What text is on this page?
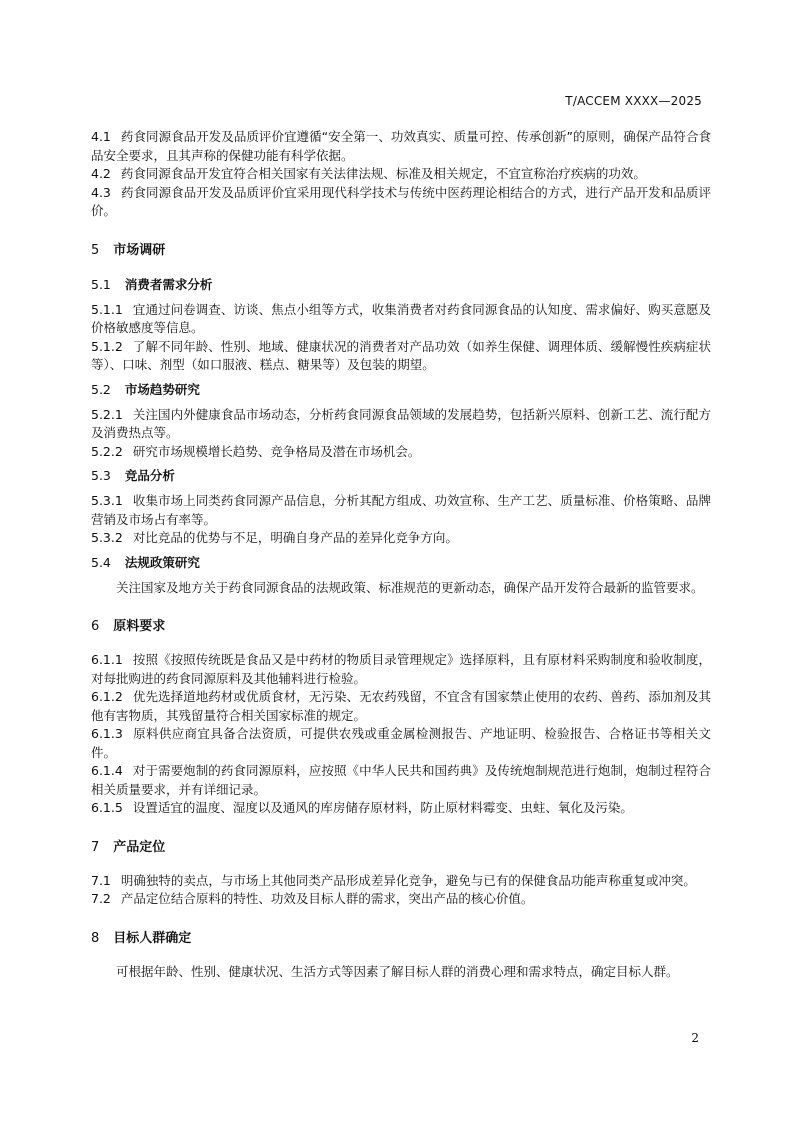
T/ACCEM XXXX—2025
4.1 药食同源食品开发及品质评价宜遵循“安全第一、功效真实、质量可控、传承创新”的原则，确保产品符合食品安全要求，且其声称的保健功能有科学依据。
4.2 药食同源食品开发宜符合相关国家有关法律法规、标准及相关规定，不宜宣称治疗疾病的功效。
4.3 药食同源食品开发及品质评价宜采用现代科学技术与传统中医药理论相结合的方式，进行产品开发和品质评价。
5 市场调研
5.1 消费者需求分析
5.1.1 宜通过问卷调查、访谈、焦点小组等方式，收集消费者对药食同源食品的认知度、需求偏好、购买意愿及价格敏感度等信息。
5.1.2 了解不同年龄、性别、地域、健康状况的消费者对产品功效（如养生保健、调理体质、缓解慢性疾病症状等）、口味、剂型（如口服液、糕点、糖果等）及包装的期望。
5.2 市场趋势研究
5.2.1 关注国内外健康食品市场动态，分析药食同源食品领域的发展趋势，包括新兴原料、创新工艺、流行配方及消费热点等。
5.2.2 研究市场规模增长趋势、竞争格局及潜在市场机会。
5.3 竞品分析
5.3.1 收集市场上同类药食同源产品信息，分析其配方组成、功效宣称、生产工艺、质量标准、价格策略、品牌营销及市场占有率等。
5.3.2 对比竞品的优势与不足，明确自身产品的差异化竞争方向。
5.4 法规政策研究
关注国家及地方关于药食同源食品的法规政策、标准规范的更新动态，确保产品开发符合最新的监管要求。
6 原料要求
6.1.1 按照《按照传统既是食品又是中药材的物质目录管理规定》选择原料，且有原材料采购制度和验收制度，对每批购进的药食同源原料及其他辅料进行检验。
6.1.2 优先选择道地药材或优质食材，无污染、无农药残留，不宜含有国家禁止使用的农药、兽药、添加剂及其他有害物质，其残留量符合相关国家标准的规定。
6.1.3 原料供应商宜具备合法资质，可提供农残或重金属检测报告、产地证明、检验报告、合格证书等相关文件。
6.1.4 对于需要炮制的药食同源原料，应按照《中华人民共和国药典》及传统炮制规范进行炮制，炮制过程符合相关质量要求，并有详细记录。
6.1.5 设置适宜的温度、湿度以及通风的库房储存原材料，防止原材料霉变、虫蛀、氧化及污染。
7 产品定位
7.1 明确独特的卖点，与市场上其他同类产品形成差异化竞争，避免与已有的保健食品功能声称重复或冲突。
7.2 产品定位结合原料的特性、功效及目标人群的需求，突出产品的核心价值。
8 目标人群确定
可根据年龄、性别、健康状况、生活方式等因素了解目标人群的消费心理和需求特点，确定目标人群。
2
